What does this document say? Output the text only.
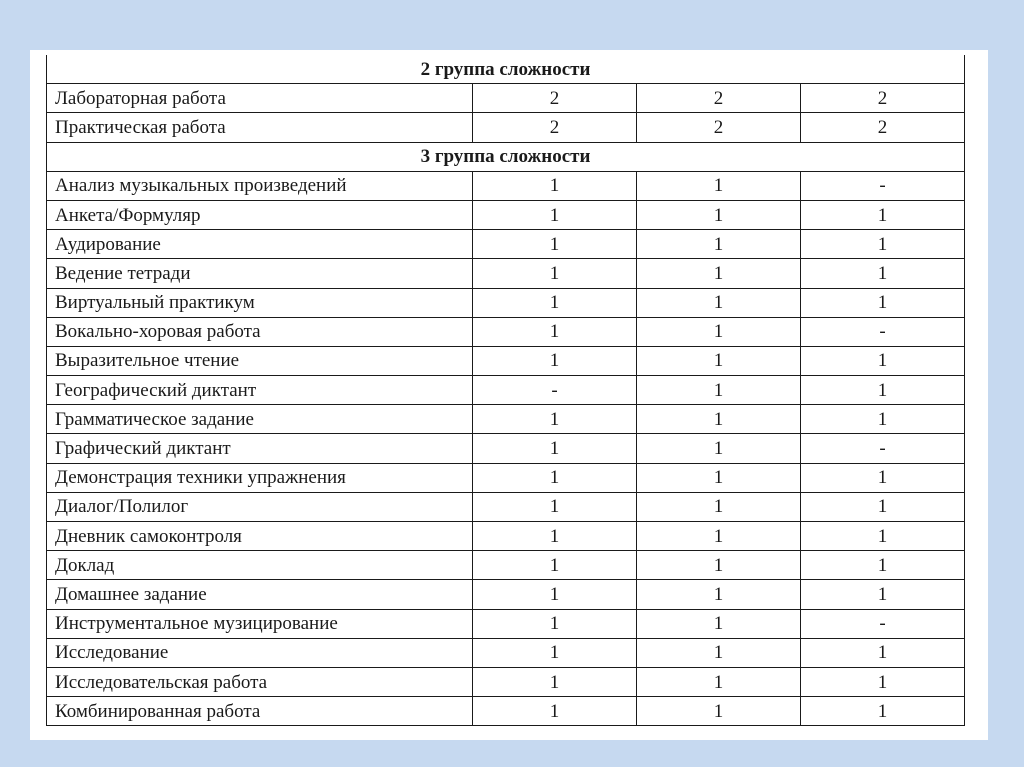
2 группа сложности			
Лабораторная работа	2	2	2
Практическая работа	2	2	2
3 группа сложности			
Анализ музыкальных произведений	1	1	-
Анкета/Формуляр	1	1	1
Аудирование	1	1	1
Ведение тетради	1	1	1
Виртуальный практикум	1	1	1
Вокально-хоровая работа	1	1	-
Выразительное чтение	1	1	1
Географический диктант	-	1	1
Грамматическое задание	1	1	1
Графический диктант	1	1	-
Демонстрация техники упражнения	1	1	1
Диалог/Полилог	1	1	1
Дневник самоконтроля	1	1	1
Доклад	1	1	1
Домашнее задание	1	1	1
Инструментальное музицирование	1	1	-
Исследование	1	1	1
Исследовательская работа	1	1	1
Комбинированная работа	1	1	1
